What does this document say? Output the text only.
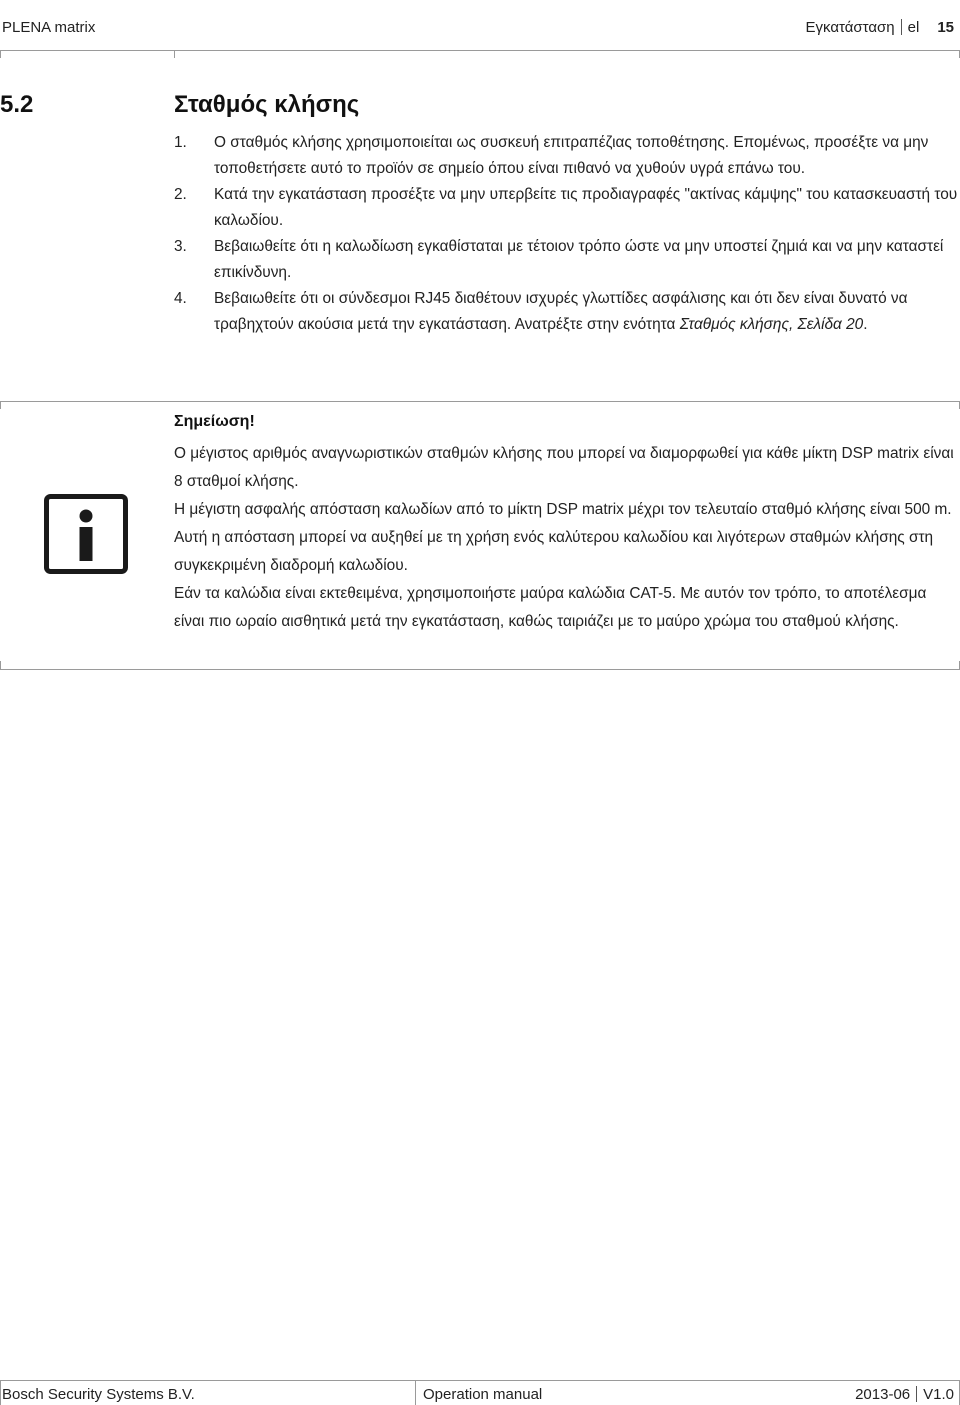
PLENA matrix	Εγκατάσταση el 15
5.2	Σταθμός κλήσης
1. Ο σταθμός κλήσης χρησιμοποιείται ως συσκευή επιτραπέζιας τοποθέτησης. Επομένως, προσέξτε να μην τοποθετήσετε αυτό το προϊόν σε σημείο όπου είναι πιθανό να χυθούν υγρά επάνω του.
2. Κατά την εγκατάσταση προσέξτε να μην υπερβείτε τις προδιαγραφές "ακτίνας κάμψης" του κατασκευαστή του καλωδίου.
3. Βεβαιωθείτε ότι η καλωδίωση εγκαθίσταται με τέτοιον τρόπο ώστε να μην υποστεί ζημιά και να μην καταστεί επικίνδυνη.
4. Βεβαιωθείτε ότι οι σύνδεσμοι RJ45 διαθέτουν ισχυρές γλωττίδες ασφάλισης και ότι δεν είναι δυνατό να τραβηχτούν ακούσια μετά την εγκατάσταση. Ανατρέξτε στην ενότητα Σταθμός κλήσης, Σελίδα 20.
Σημείωση!

Ο μέγιστος αριθμός αναγνωριστικών σταθμών κλήσης που μπορεί να διαμορφωθεί για κάθε μίκτη DSP matrix είναι 8 σταθμοί κλήσης.

Η μέγιστη ασφαλής απόσταση καλωδίων από το μίκτη DSP matrix μέχρι τον τελευταίο σταθμό κλήσης είναι 500 m. Αυτή η απόσταση μπορεί να αυξηθεί με τη χρήση ενός καλύτερου καλωδίου και λιγότερων σταθμών κλήσης στη συγκεκριμένη διαδρομή καλωδίου.

Εάν τα καλώδια είναι εκτεθειμένα, χρησιμοποιήστε μαύρα καλώδια CAT-5. Με αυτόν τον τρόπο, το αποτέλεσμα είναι πιο ωραίο αισθητικά μετά την εγκατάσταση, καθώς ταιριάζει με το μαύρο χρώμα του σταθμού κλήσης.

Bosch Security Systems B.V.	Operation manual	2013-06 V1.0
